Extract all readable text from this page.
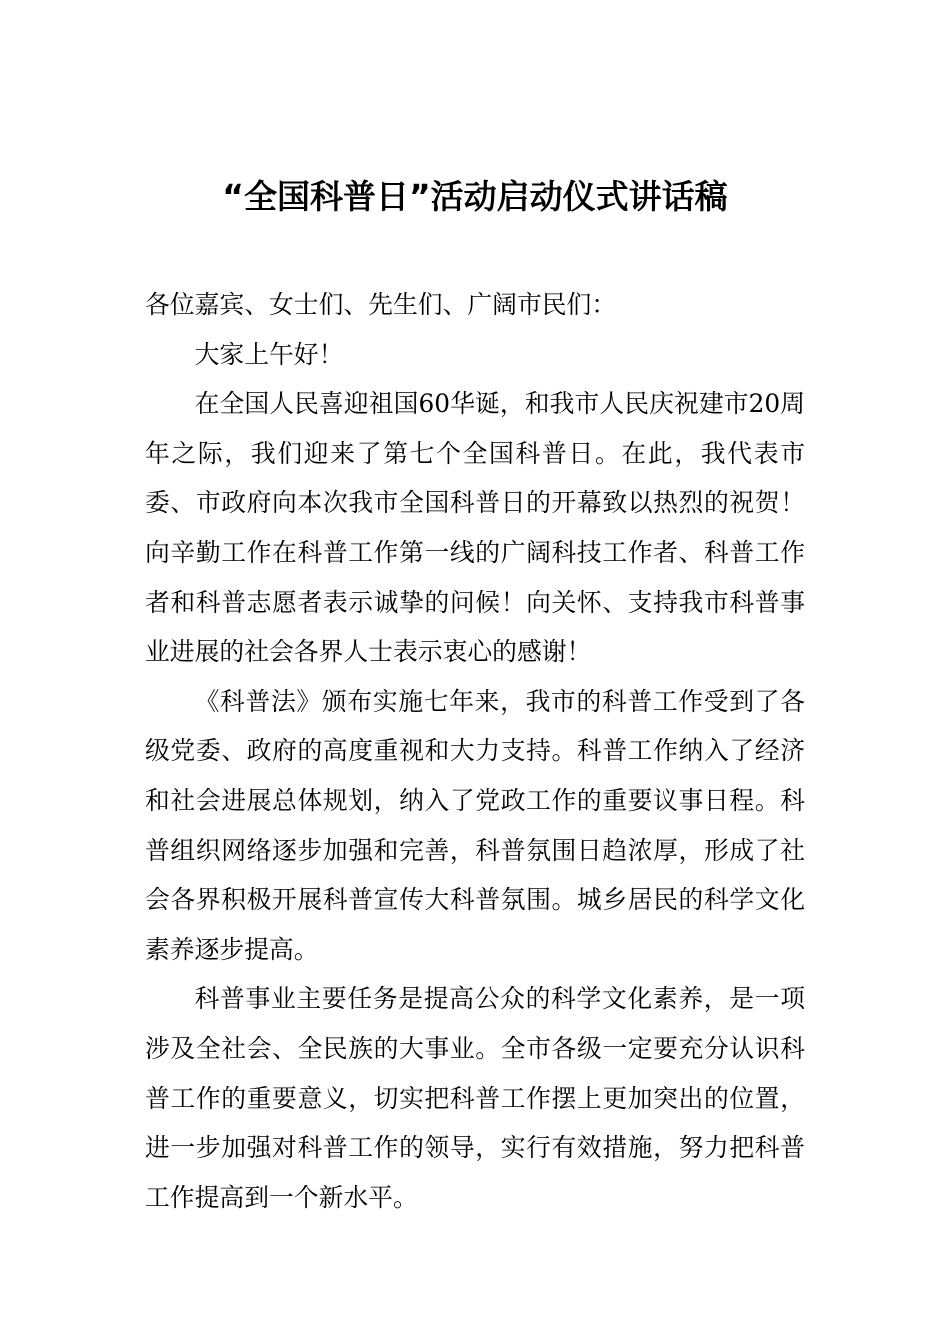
“全国科普日”活动启动仪式讲话稿

各位嘉宾、女士们、先生们、广阔市民们：

大家上午好！

在全国人民喜迎祖国60华诞，和我市人民庆祝建市20周年之际，我们迎来了第七个全国科普日。在此，我代表市委、市政府向本次我市全国科普日的开幕致以热烈的祝贺！向辛勤工作在科普工作第一线的广阔科技工作者、科普工作者和科普志愿者表示诚挚的问候！向关怀、支持我市科普事业进展的社会各界人士表示衷心的感谢！

《科普法》颁布实施七年来，我市的科普工作受到了各级党委、政府的高度重视和大力支持。科普工作纳入了经济和社会进展总体规划，纳入了党政工作的重要议事日程。科普组织网络逐步加强和完善，科普氛围日趋浓厚，形成了社会各界积极开展科普宣传大科普氛围。城乡居民的科学文化素养逐步提高。

科普事业主要任务是提高公众的科学文化素养，是一项涉及全社会、全民族的大事业。全市各级一定要充分认识科普工作的重要意义，切实把科普工作摆上更加突出的位置，进一步加强对科普工作的领导，实行有效措施，努力把科普工作提高到一个新水平。
